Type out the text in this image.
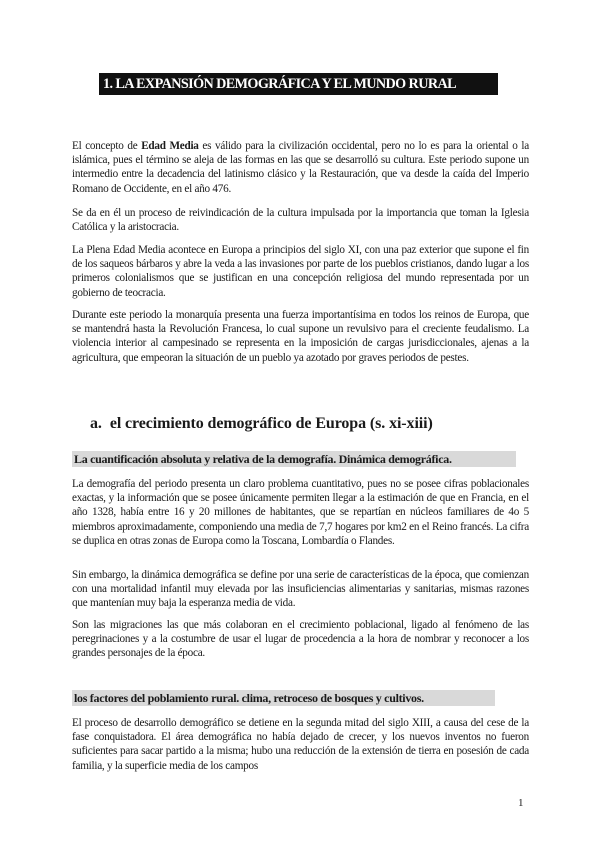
1. LA EXPANSIÓN DEMOGRÁFICA Y EL MUNDO RURAL

El concepto de Edad Media es válido para la civilización occidental, pero no lo es para la oriental o la islámica, pues el término se aleja de las formas en las que se desarrolló su cultura. Este periodo supone un intermedio entre la decadencia del latinismo clásico y la Restauración, que va desde la caída del Imperio Romano de Occidente, en el año 476.

Se da en él un proceso de reivindicación de la cultura impulsada por la importancia que toman la Iglesia Católica y la aristocracia.

La Plena Edad Media acontece en Europa a principios del siglo XI, con una paz exterior que supone el fin de los saqueos bárbaros y abre la veda a las invasiones por parte de los pueblos cristianos, dando lugar a los primeros colonialismos que se justifican en una concepción religiosa del mundo representada por un gobierno de teocracia.

Durante este periodo la monarquía presenta una fuerza importantísima en todos los reinos de Europa, que se mantendrá hasta la Revolución Francesa, lo cual supone un revulsivo para el creciente feudalismo. La violencia interior al campesinado se representa en la imposición de cargas jurisdiccionales, ajenas a la agricultura, que empeoran la situación de un pueblo ya azotado por graves periodos de pestes.

a. el crecimiento demográfico de Europa (s. xi-xiii)
La cuantificación absoluta y relativa de la demografía. Dinámica demográfica.

La demografía del periodo presenta un claro problema cuantitativo, pues no se posee cifras poblacionales exactas, y la información que se posee únicamente permiten llegar a la estimación de que en Francia, en el año 1328, había entre 16 y 20 millones de habitantes, que se repartían en núcleos familiares de 4o 5 miembros aproximadamente, componiendo una media de 7,7 hogares por km2 en el Reino francés. La cifra se duplica en otras zonas de Europa como la Toscana, Lombardía o Flandes.

Sin embargo, la dinámica demográfica se define por una serie de características de la época, que comienzan con una mortalidad infantil muy elevada por las insuficiencias alimentarias y sanitarias, mismas razones que mantenían muy baja la esperanza media de vida.

Son las migraciones las que más colaboran en el crecimiento poblacional, ligado al fenómeno de las peregrinaciones y a la costumbre de usar el lugar de procedencia a la hora de nombrar y reconocer a los grandes personajes de la época.

los factores del poblamiento rural. clima, retroceso de bosques y cultivos.

El proceso de desarrollo demográfico se detiene en la segunda mitad del siglo XIII, a causa del cese de la fase conquistadora. El área demográfica no había dejado de crecer, y los nuevos inventos no fueron suficientes para sacar partido a la misma; hubo una reducción de la extensión de tierra en posesión de cada familia, y la superficie media de los campos

1
